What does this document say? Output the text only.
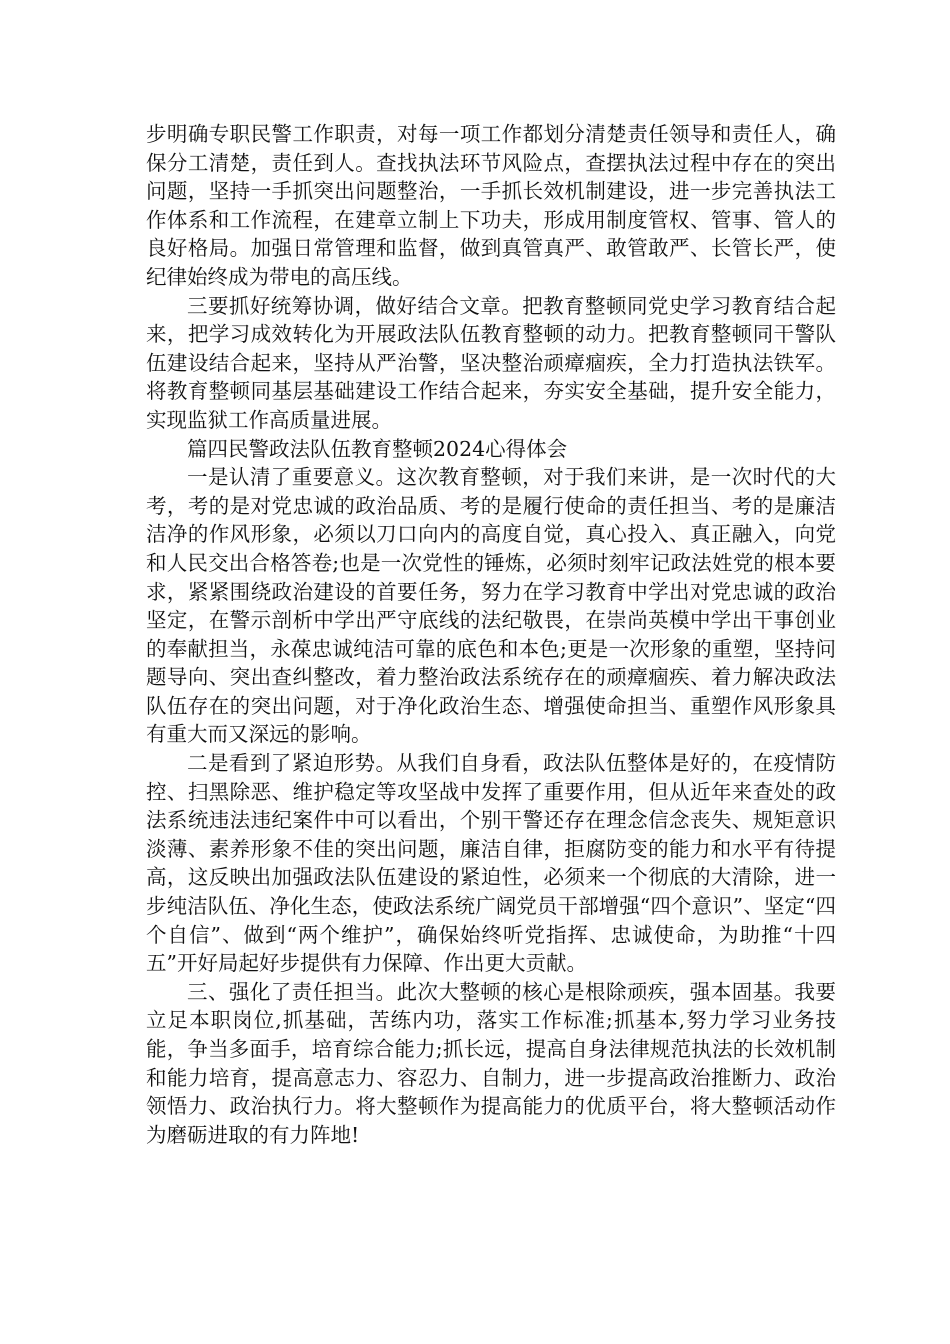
步明确专职民警工作职责，对每一项工作都划分清楚责任领导和责任人，确保分工清楚，责任到人。查找执法环节风险点，查摆执法过程中存在的突出问题，坚持一手抓突出问题整治，一手抓长效机制建设，进一步完善执法工作体系和工作流程，在建章立制上下功夫，形成用制度管权、管事、管人的良好格局。加强日常管理和监督，做到真管真严、敢管敢严、长管长严，使纪律始终成为带电的高压线。

三要抓好统筹协调，做好结合文章。把教育整顿同党史学习教育结合起来，把学习成效转化为开展政法队伍教育整顿的动力。把教育整顿同干警队伍建设结合起来，坚持从严治警，坚决整治顽瘴痼疾，全力打造执法铁军。将教育整顿同基层基础建设工作结合起来，夯实安全基础，提升安全能力，实现监狱工作高质量进展。

篇四民警政法队伍教育整顿2024心得体会

一是认清了重要意义。这次教育整顿，对于我们来讲，是一次时代的大考，考的是对党忠诚的政治品质、考的是履行使命的责任担当、考的是廉洁洁净的作风形象，必须以刀口向内的高度自觉，真心投入、真正融入，向党和人民交出合格答卷;也是一次党性的锤炼，必须时刻牢记政法姓党的根本要求，紧紧围绕政治建设的首要任务，努力在学习教育中学出对党忠诚的政治坚定，在警示剖析中学出严守底线的法纪敬畏，在崇尚英模中学出干事创业的奉献担当，永葆忠诚纯洁可靠的底色和本色;更是一次形象的重塑，坚持问题导向、突出查纠整改，着力整治政法系统存在的顽瘴痼疾、着力解决政法队伍存在的突出问题，对于净化政治生态、增强使命担当、重塑作风形象具有重大而又深远的影响。

二是看到了紧迫形势。从我们自身看，政法队伍整体是好的，在疫情防控、扫黑除恶、维护稳定等攻坚战中发挥了重要作用，但从近年来查处的政法系统违法违纪案件中可以看出，个别干警还存在理念信念丧失、规矩意识淡薄、素养形象不佳的突出问题，廉洁自律，拒腐防变的能力和水平有待提高，这反映出加强政法队伍建设的紧迫性，必须来一个彻底的大清除，进一步纯洁队伍、净化生态，使政法系统广阔党员干部增强“四个意识”、坚定“四个自信”、做到“两个维护”，确保始终听党指挥、忠诚使命，为助推“十四五”开好局起好步提供有力保障、作出更大贡献。

三、强化了责任担当。此次大整顿的核心是根除顽疾，强本固基。我要立足本职岗位,抓基础，苦练内功，落实工作标准;抓基本,努力学习业务技能，争当多面手，培育综合能力;抓长远，提高自身法律规范执法的长效机制和能力培育，提高意志力、容忍力、自制力，进一步提高政治推断力、政治领悟力、政治执行力。将大整顿作为提高能力的优质平台，将大整顿活动作为磨砺进取的有力阵地!
